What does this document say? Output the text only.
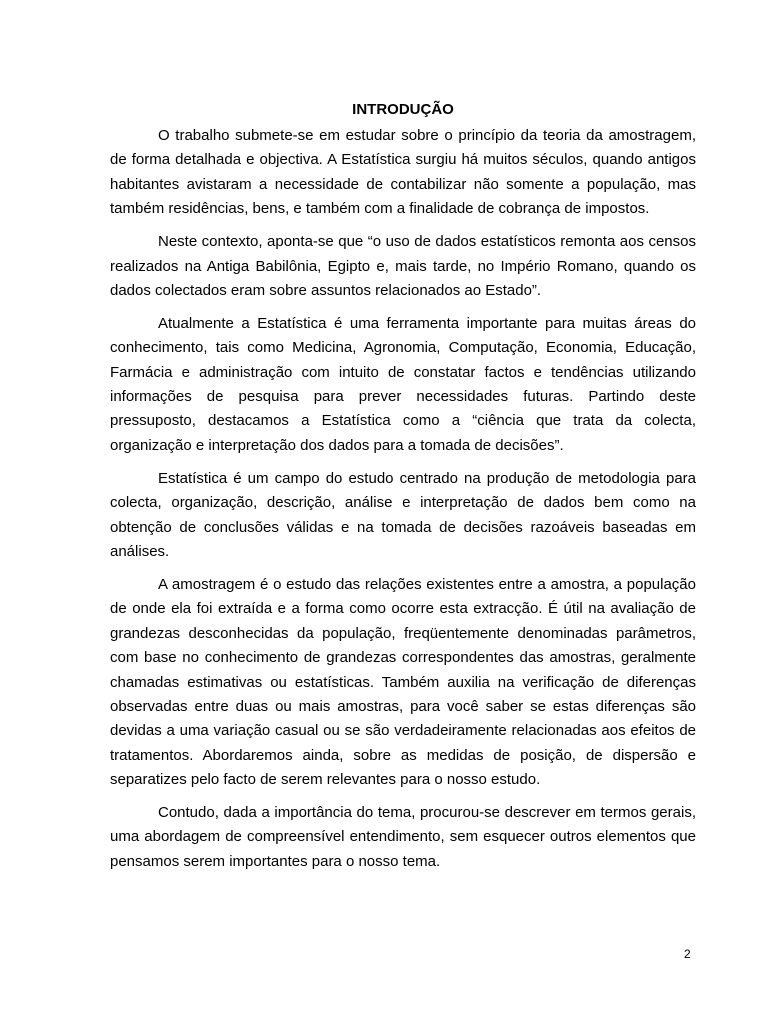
INTRODUÇÃO

O trabalho submete-se em estudar sobre o princípio da teoria da amostragem, de forma detalhada e objectiva. A Estatística surgiu há muitos séculos, quando antigos habitantes avistaram a necessidade de contabilizar não somente a população, mas também residências, bens, e também com a finalidade de cobrança de impostos.

Neste contexto, aponta-se que “o uso de dados estatísticos remonta aos censos realizados na Antiga Babilônia, Egipto e, mais tarde, no Império Romano, quando os dados colectados eram sobre assuntos relacionados ao Estado”.

Atualmente a Estatística é uma ferramenta importante para muitas áreas do conhecimento, tais como Medicina, Agronomia, Computação, Economia, Educação, Farmácia e administração com intuito de constatar factos e tendências utilizando informações de pesquisa para prever necessidades futuras. Partindo deste pressuposto, destacamos a Estatística como a “ciência que trata da colecta, organização e interpretação dos dados para a tomada de decisões”.

Estatística é um campo do estudo centrado na produção de metodologia para colecta, organização, descrição, análise e interpretação de dados bem como na obtenção de conclusões válidas e na tomada de decisões razoáveis baseadas em análises.

A amostragem é o estudo das relações existentes entre a amostra, a população de onde ela foi extraída e a forma como ocorre esta extracção. É útil na avaliação de grandezas desconhecidas da população, freqüentemente denominadas parâmetros, com base no conhecimento de grandezas correspondentes das amostras, geralmente chamadas estimativas ou estatísticas. Também auxilia na verificação de diferenças observadas entre duas ou mais amostras, para você saber se estas diferenças são devidas a uma variação casual ou se são verdadeiramente relacionadas aos efeitos de tratamentos. Abordaremos ainda, sobre as medidas de posição, de dispersão e separatizes pelo facto de serem relevantes para o nosso estudo.

Contudo, dada a importância do tema, procurou-se descrever em termos gerais, uma abordagem de compreensível entendimento, sem esquecer outros elementos que pensamos serem importantes para o nosso tema.

2
